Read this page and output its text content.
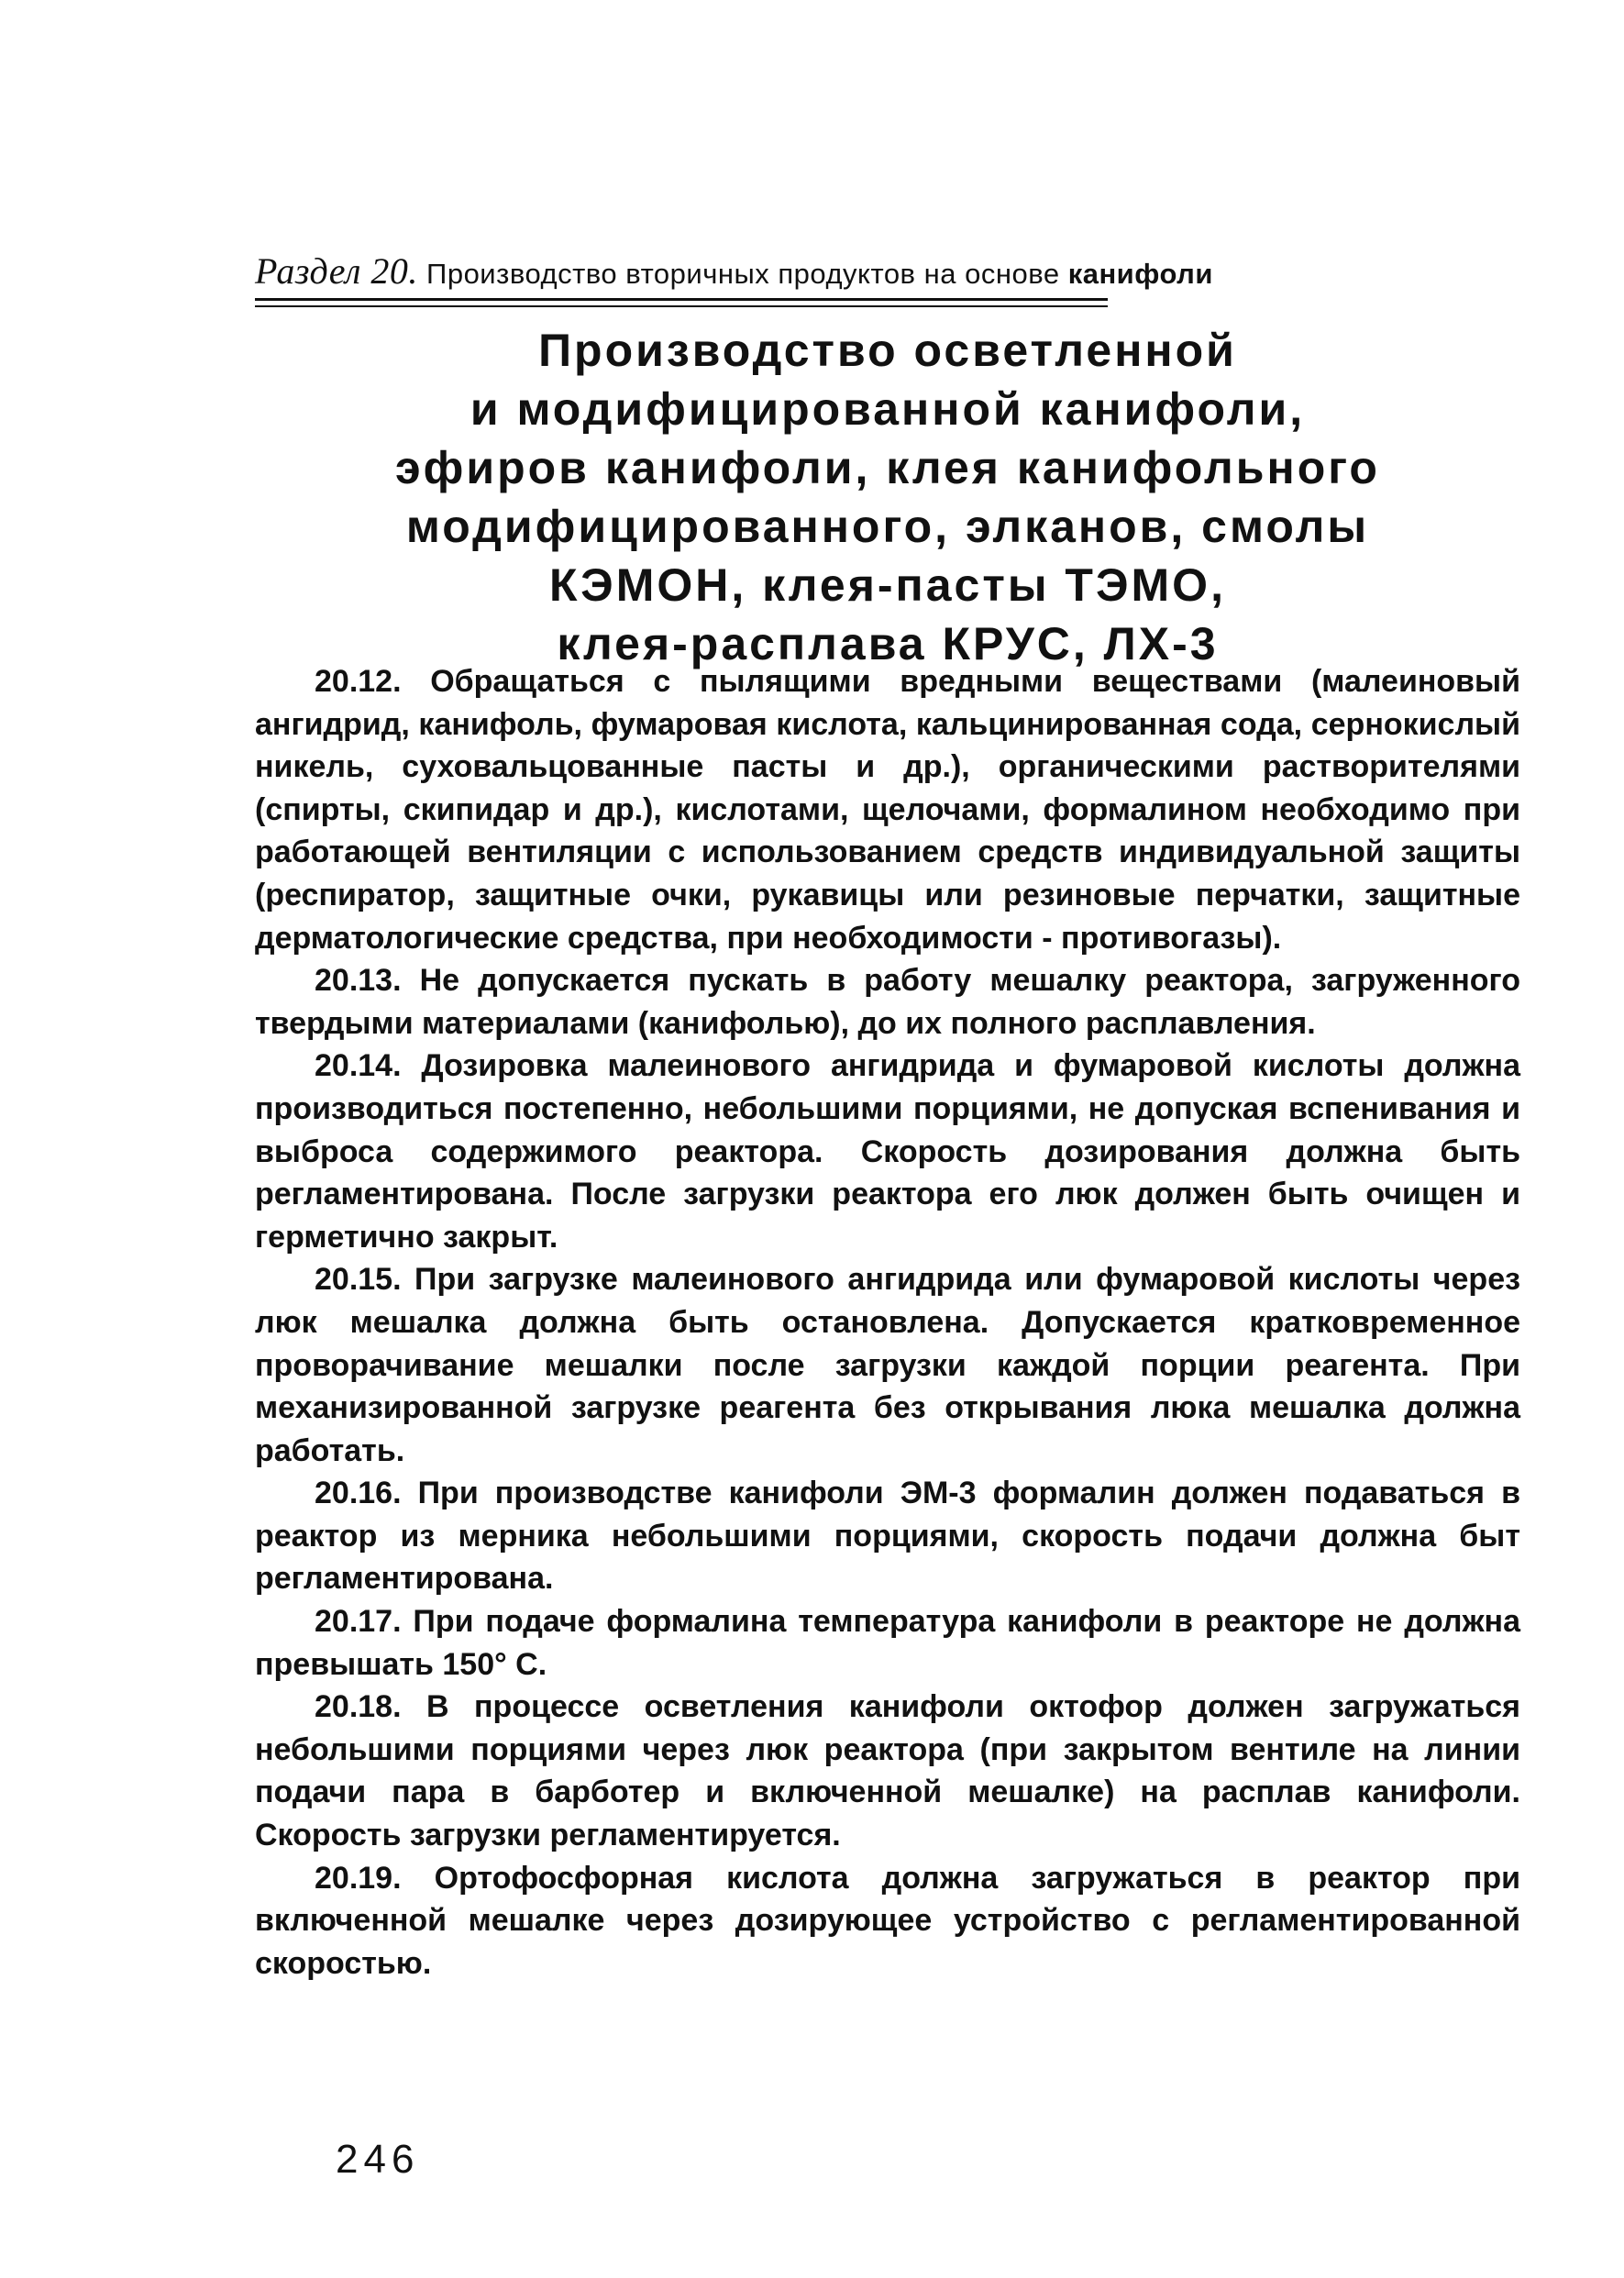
Раздел 20. Производство вторичных продуктов на основе канифоли
Производство осветленной
и модифицированной канифоли,
эфиров канифоли, клея канифольного
модифицированного, элканов, смолы
КЭМОН, клея-пасты ТЭМО,
клея-расплава КРУС, ЛХ-3

20.12. Обращаться с пылящими вредными веществами (малеиновый ангидрид, канифоль, фумаровая кислота, кальцинированная сода, сернокислый никель, суховальцованные пасты и др.), органическими растворителями (спирты, скипидар и др.), кислотами, щелочами, формалином необходимо при работающей вентиляции с использованием средств индивидуальной защиты (респиратор, защитные очки, рукавицы или резиновые перчатки, защитные дерматологические средства, при необходимости - противогазы).

20.13. Не допускается пускать в работу мешалку реактора, загруженного твердыми материалами (канифолью), до их полного расплавления.

20.14. Дозировка малеинового ангидрида и фумаровой кислоты должна производиться постепенно, небольшими порциями, не допуская вспенивания и выброса содержимого реактора. Скорость дозирования должна быть регламентирована. После загрузки реактора его люк должен быть очищен и герметично закрыт.

20.15. При загрузке малеинового ангидрида или фумаровой кислоты через люк мешалка должна быть остановлена. Допускается кратковременное проворачивание мешалки после загрузки каждой порции реагента. При механизированной загрузке реагента без открывания люка мешалка должна работать.

20.16. При производстве канифоли ЭМ-3 формалин должен подаваться в реактор из мерника небольшими порциями, скорость подачи должна быт регламентирована.

20.17. При подаче формалина температура канифоли в реакторе не должна превышать 150° С.

20.18. В процессе осветления канифоли октофор должен загружаться небольшими порциями через люк реактора (при закрытом вентиле на линии подачи пара в барботер и включенной мешалке) на расплав канифоли. Скорость загрузки регламентируется.

20.19. Ортофосфорная кислота должна загружаться в реактор при включенной мешалке через дозирующее устройство с регламентированной скоростью.

246
